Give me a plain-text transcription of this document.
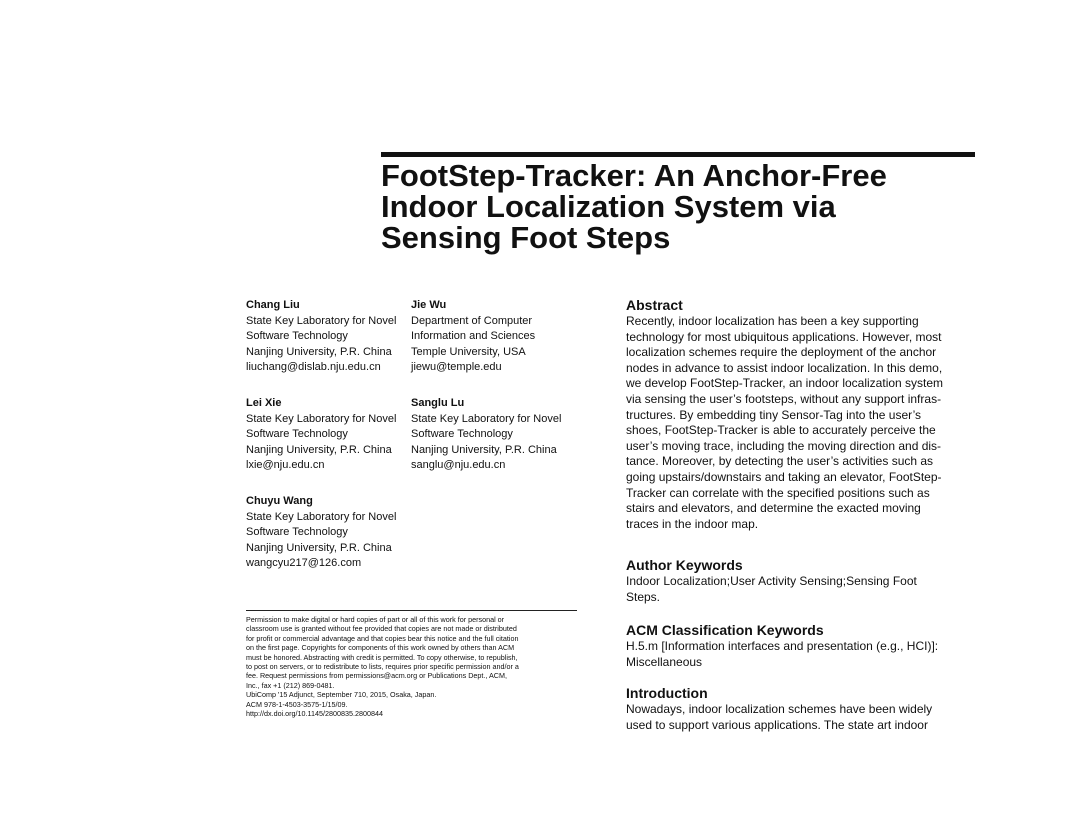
FootStep-Tracker: An Anchor-Free
Indoor Localization System via
Sensing Foot Steps
Chang Liu
State Key Laboratory for Novel
Software Technology
Nanjing University, P.R. China
liuchang@dislab.nju.edu.cn
Jie Wu
Department of Computer
Information and Sciences
Temple University, USA
jiewu@temple.edu
Lei Xie
State Key Laboratory for Novel
Software Technology
Nanjing University, P.R. China
lxie@nju.edu.cn
Sanglu Lu
State Key Laboratory for Novel
Software Technology
Nanjing University, P.R. China
sanglu@nju.edu.cn
Chuyu Wang
State Key Laboratory for Novel
Software Technology
Nanjing University, P.R. China
wangcyu217@126.com
Permission to make digital or hard copies of part or all of this work for personal or
classroom use is granted without fee provided that copies are not made or distributed
for profit or commercial advantage and that copies bear this notice and the full citation
on the first page. Copyrights for components of this work owned by others than ACM
must be honored. Abstracting with credit is permitted. To copy otherwise, to republish,
to post on servers, or to redistribute to lists, requires prior specific permission and/or a
fee. Request permissions from permissions@acm.org or Publications Dept., ACM,
Inc., fax +1 (212) 869-0481.
UbiComp '15 Adjunct, September 710, 2015, Osaka, Japan.
ACM 978-1-4503-3575-1/15/09.
http://dx.doi.org/10.1145/2800835.2800844
Abstract
Recently, indoor localization has been a key supporting
technology for most ubiquitous applications. However, most
localization schemes require the deployment of the anchor
nodes in advance to assist indoor localization. In this demo,
we develop FootStep-Tracker, an indoor localization system
via sensing the user’s footsteps, without any support infras-
tructures. By embedding tiny Sensor-Tag into the user’s
shoes, FootStep-Tracker is able to accurately perceive the
user’s moving trace, including the moving direction and dis-
tance. Moreover, by detecting the user’s activities such as
going upstairs/downstairs and taking an elevator, FootStep-
Tracker can correlate with the specified positions such as
stairs and elevators, and determine the exacted moving
traces in the indoor map.
Author Keywords
Indoor Localization;User Activity Sensing;Sensing Foot
Steps.
ACM Classification Keywords
H.5.m [Information interfaces and presentation (e.g., HCI)]:
Miscellaneous
Introduction
Nowadays, indoor localization schemes have been widely
used to support various applications. The state art indoor
